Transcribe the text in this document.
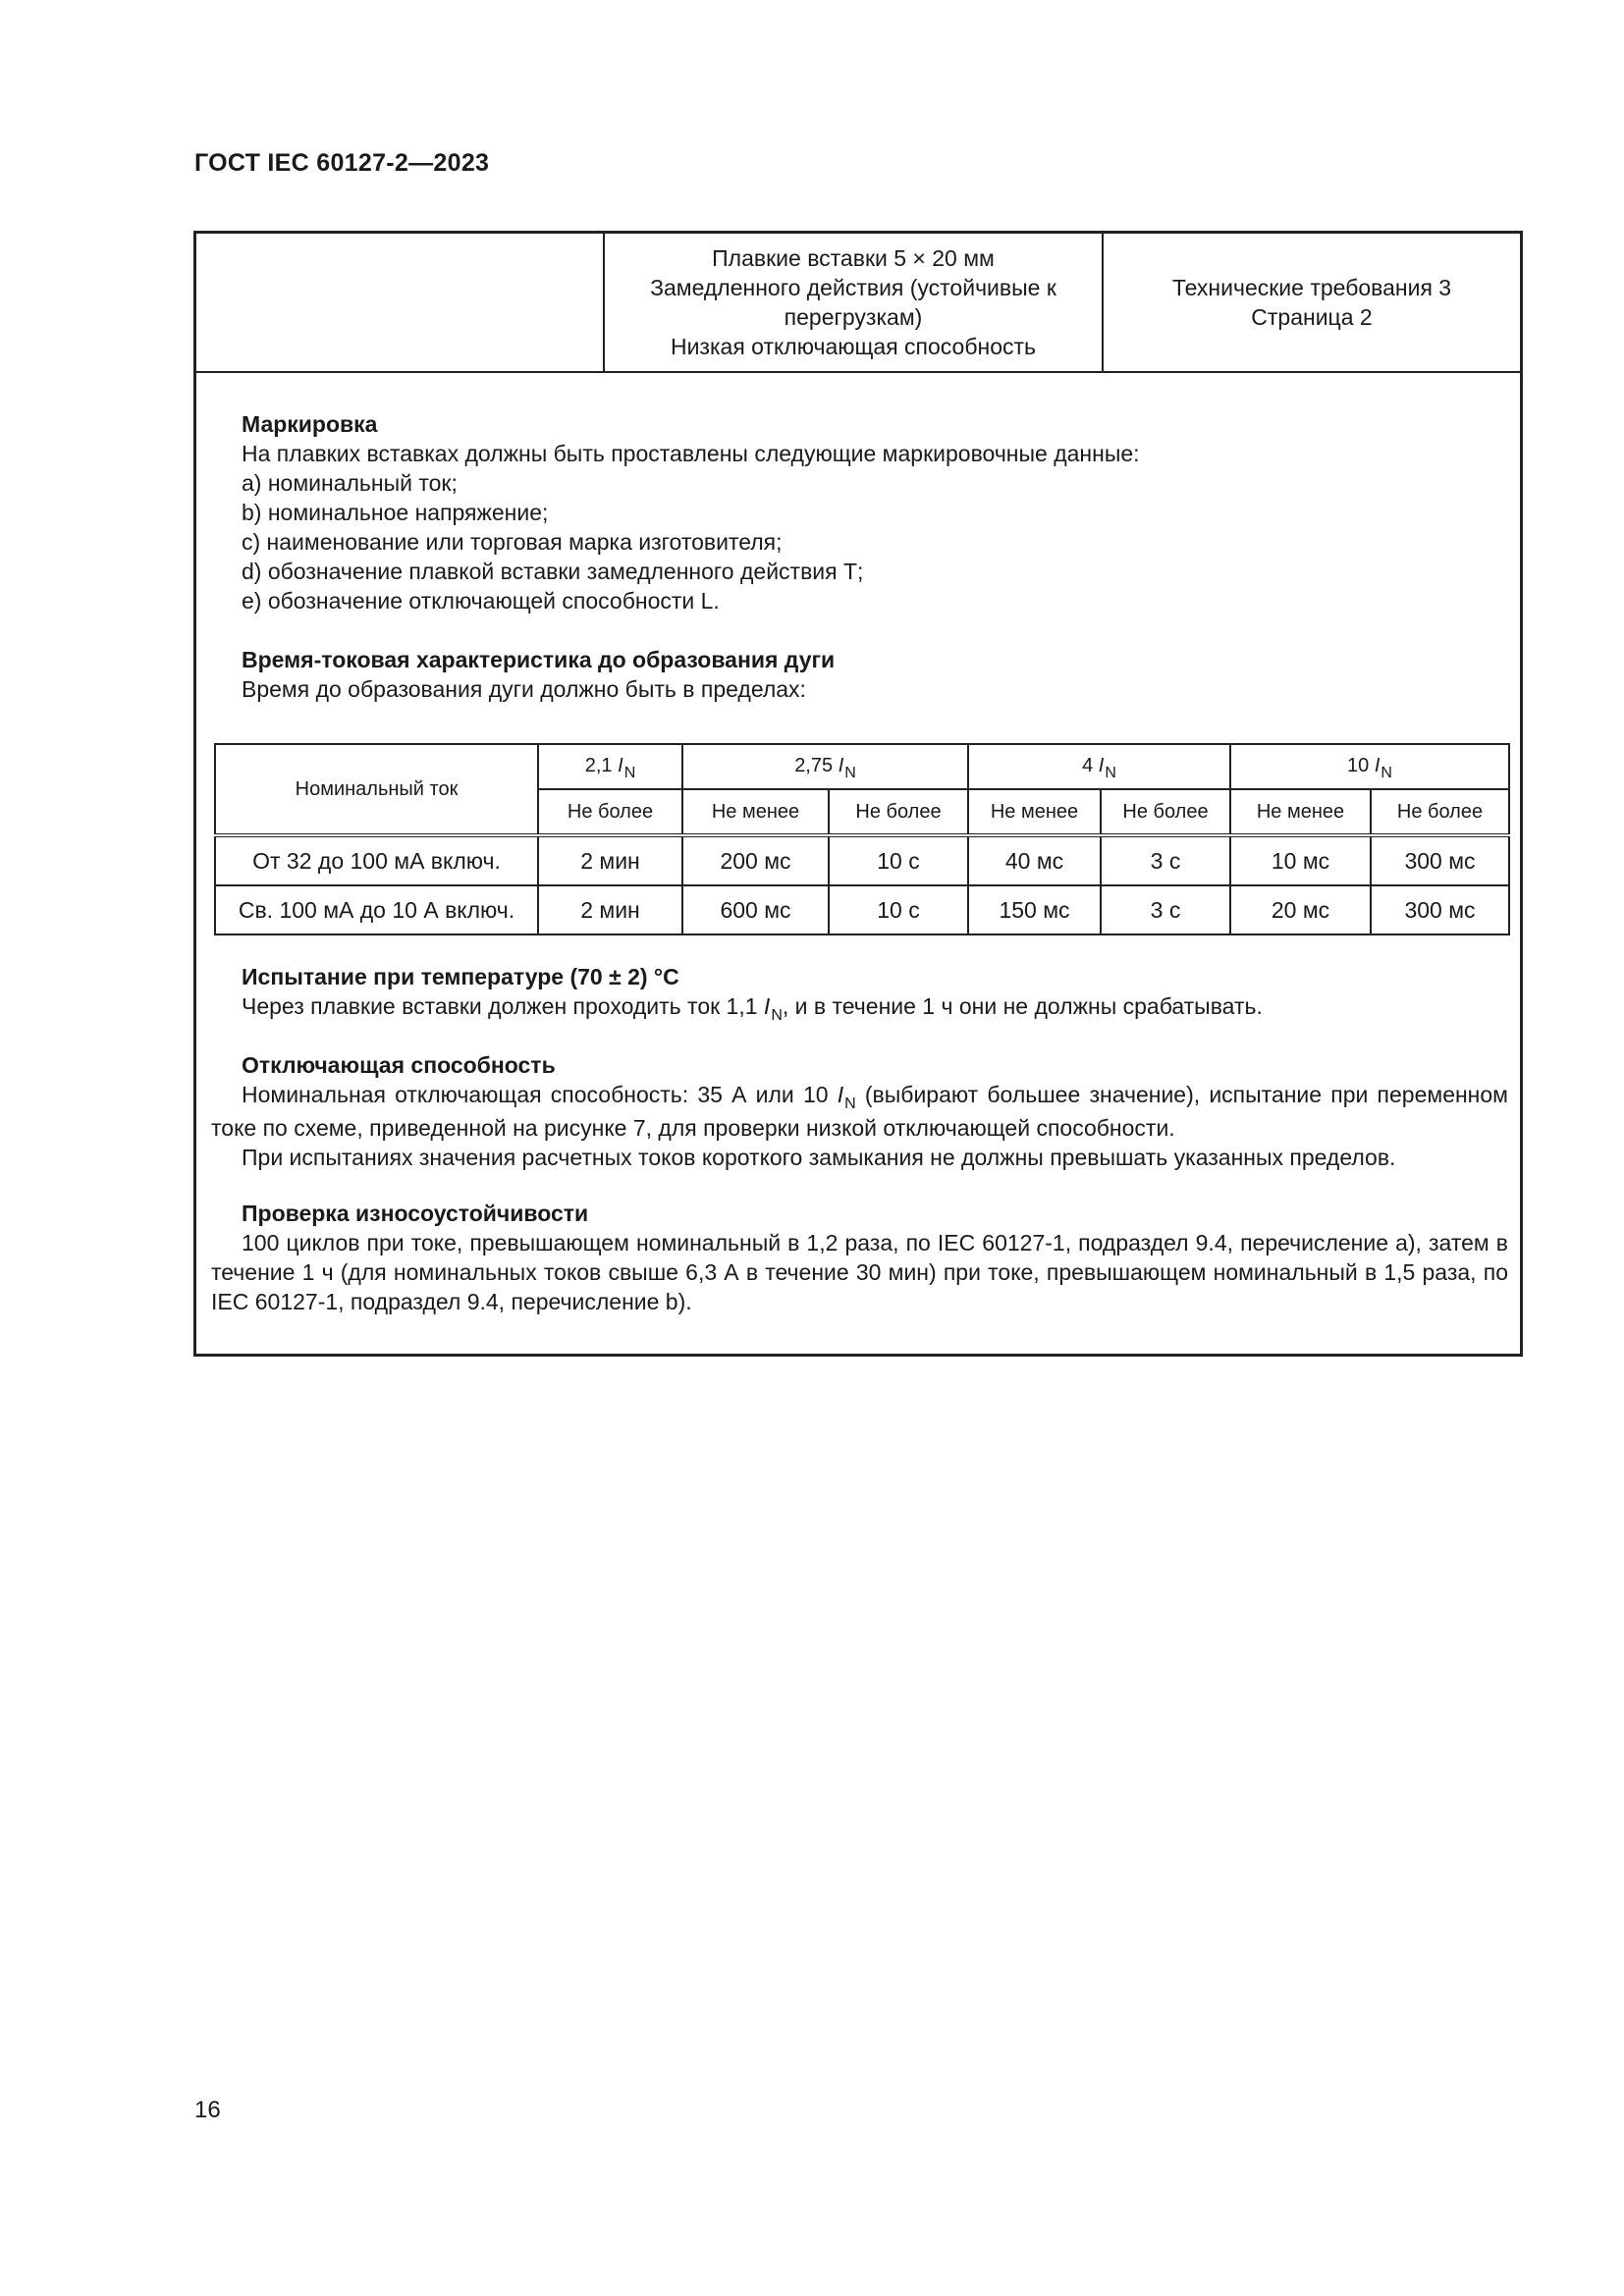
ГОСТ IEC 60127-2—2023
Плавкие вставки 5 × 20 мм
Замедленного действия (устойчивые к
перегрузкам)
Низкая отключающая способность
Технические требования 3
Страница 2
Маркировка
На плавких вставках должны быть проставлены следующие маркировочные данные:
a) номинальный ток;
b) номинальное напряжение;
c) наименование или торговая марка изготовителя;
d) обозначение плавкой вставки замедленного действия Т;
e) обозначение отключающей способности L.
Время-токовая характеристика до образования дуги
Время до образования дуги должно быть в пределах:
Номинальный ток	2,1 $I_N$	2,75 $I_N$		4 $I_N$		10 $I_N$
	Не более	Не менее	Не более	Не менее	Не более	Не менее	Не более
От 32 до 100 мА включ.	2 мин	200 мс	10 с	40 мс	3 с	10 мс	300 мс
Св. 100 мА до 10 А включ.	2 мин	600 мс	10 с	150 мс	3 с	20 мс	300 мс
Испытание при температуре (70 ± 2) °С
Через плавкие вставки должен проходить ток 1,1 $I_N$, и в течение 1 ч они не должны срабатывать.
Отключающая способность
Номинальная отключающая способность: 35 А или 10 $I_N$ (выбирают большее значение), испытание при переменном токе по схеме, приведенной на рисунке 7, для проверки низкой отключающей способности.
При испытаниях значения расчетных токов короткого замыкания не должны превышать указанных пределов.
Проверка износоустойчивости
100 циклов при токе, превышающем номинальный в 1,2 раза, по IEC 60127-1, подраздел 9.4, перечисление a), затем в течение 1 ч (для номинальных токов свыше 6,3 А в течение 30 мин) при токе, превышающем номинальный в 1,5 раза, по IEC 60127-1, подраздел 9.4, перечисление b).
16
